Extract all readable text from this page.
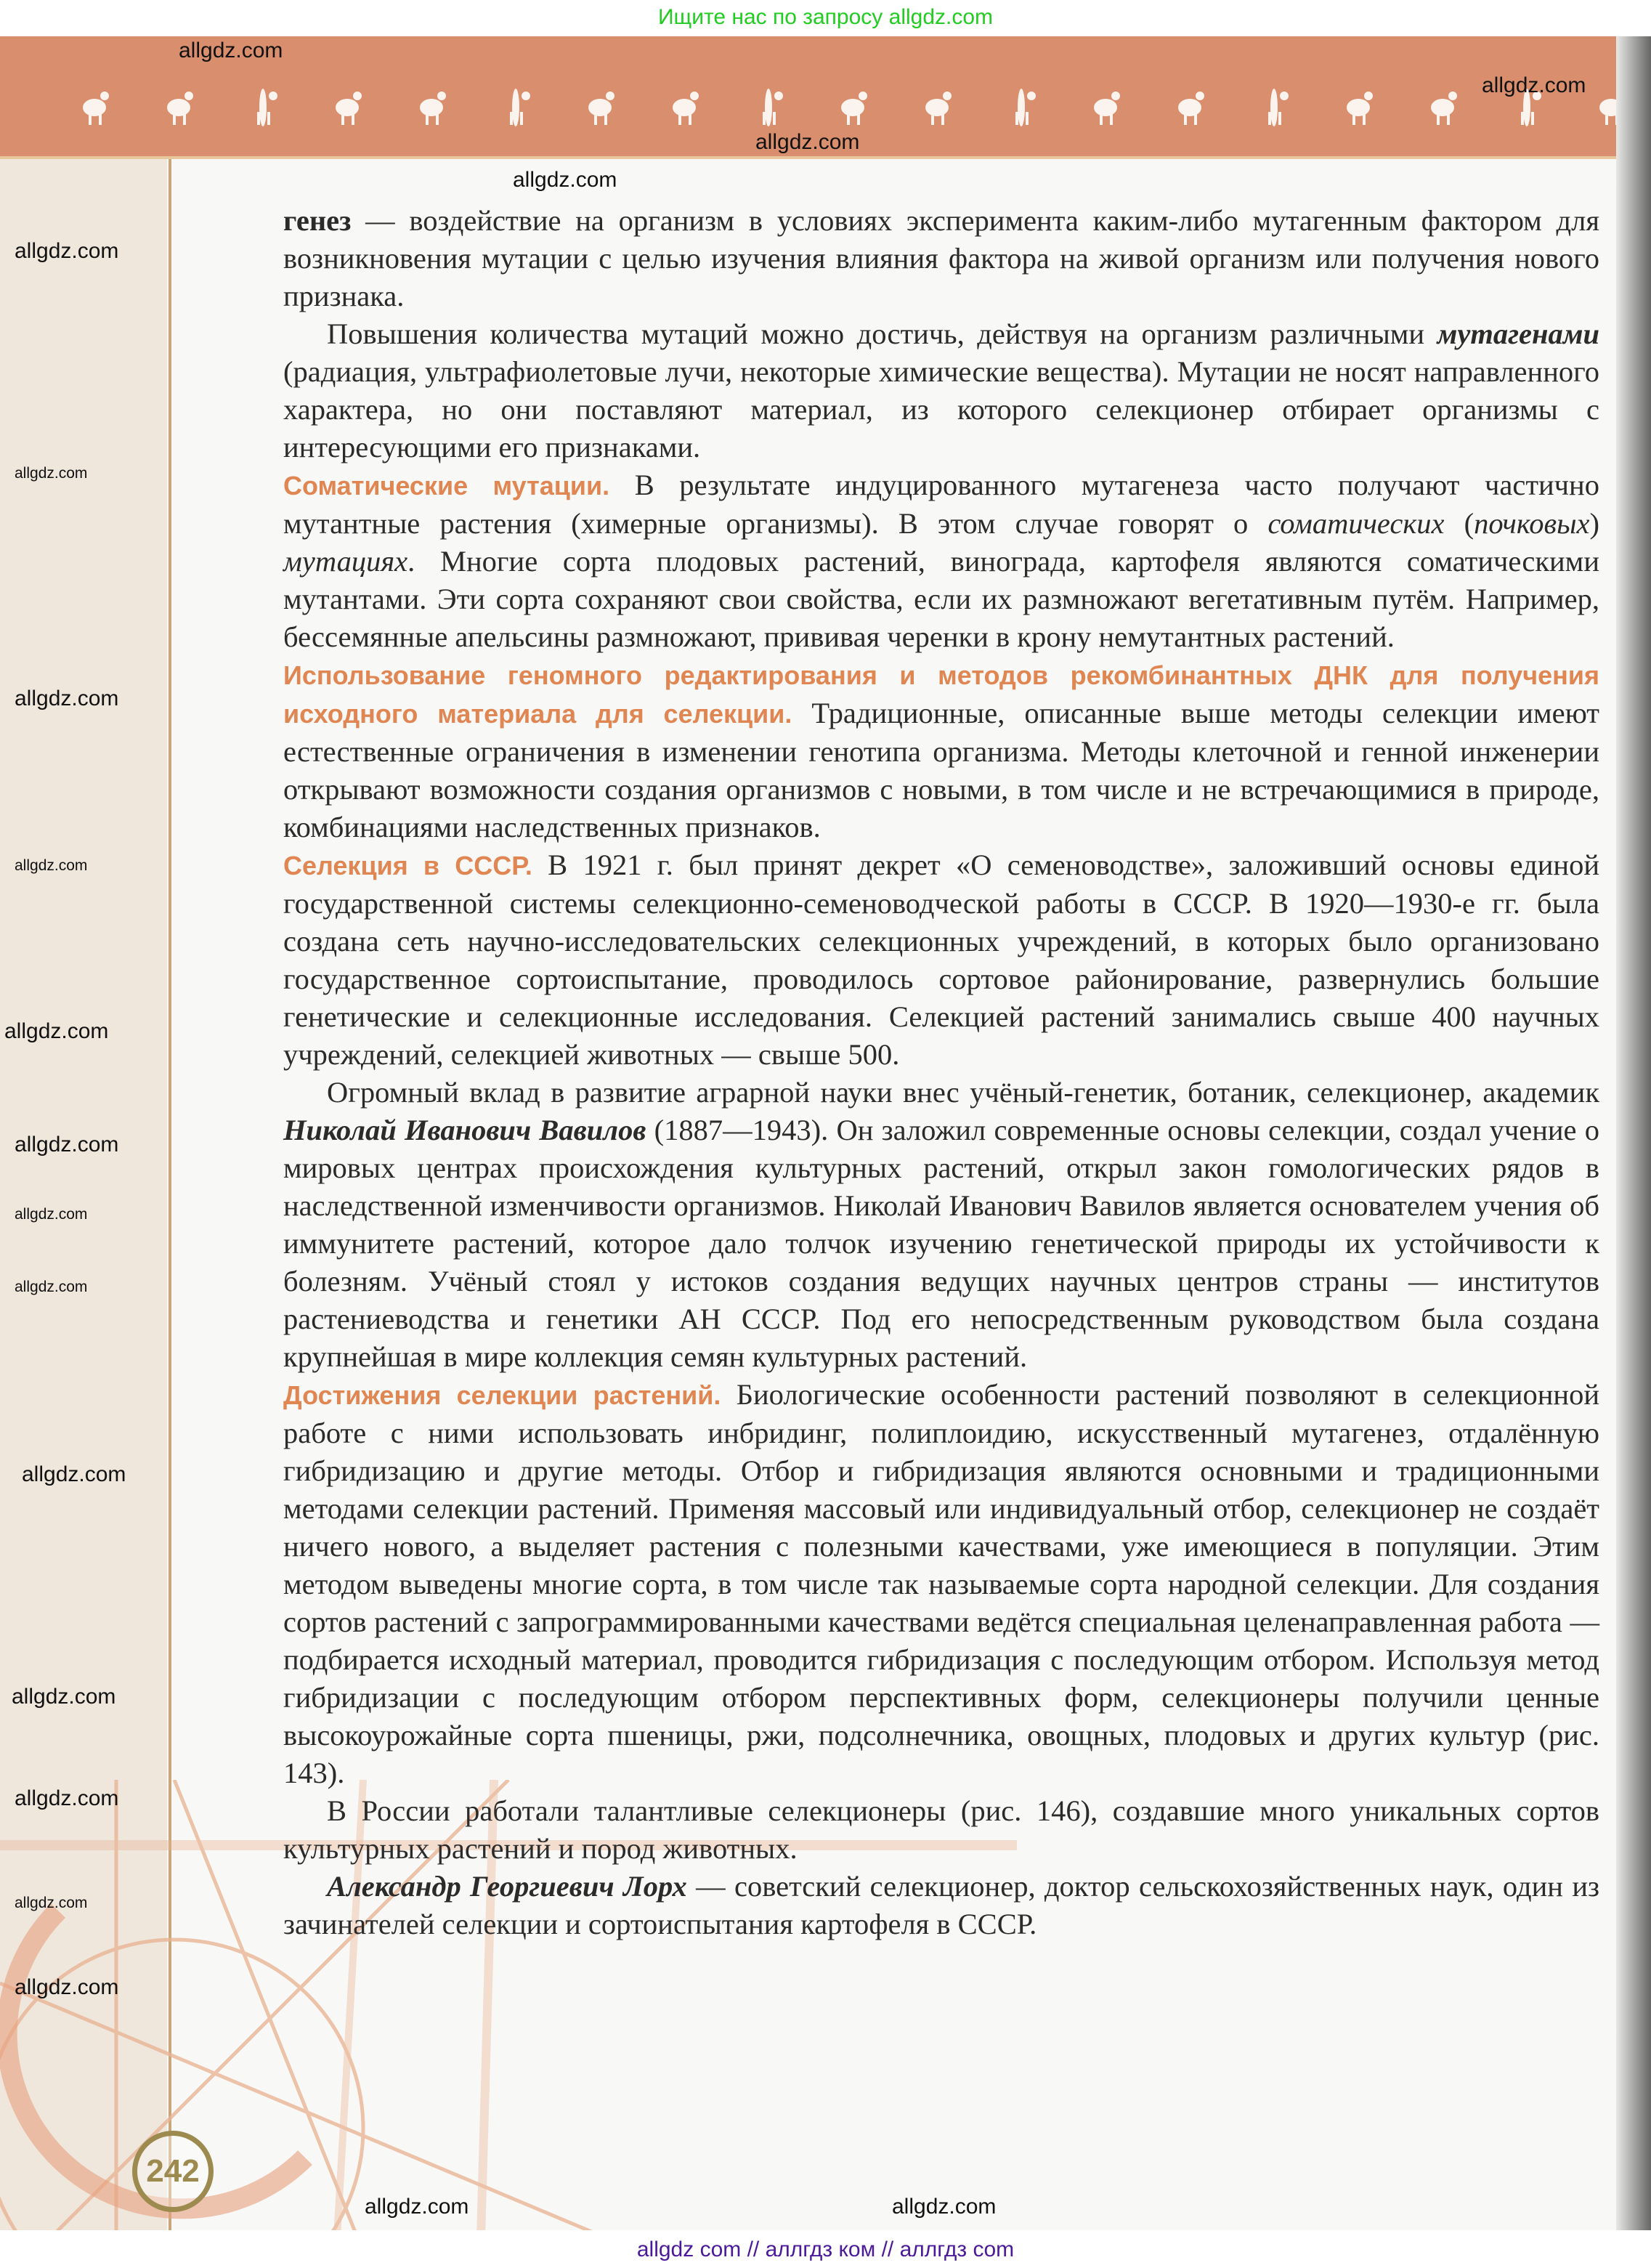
Ищите нас по запросу allgdz.com
242

генез — воздействие на организм в условиях эксперимента каким-либо мутагенным фактором для возникновения мутации с целью изучения влияния фактора на живой организм или получения нового признака.

Повышения количества мутаций можно достичь, действуя на организм различными мутагенами (радиация, ультрафиолетовые лучи, некоторые химические вещества). Мутации не носят направленного характера, но они поставляют материал, из которого селекционер отбирает организмы с интересующими его признаками.

Соматические мутации. В результате индуцированного мутагенеза часто получают частично мутантные растения (химерные организмы). В этом случае говорят о соматических (почковых) мутациях. Многие сорта плодовых растений, винограда, картофеля являются соматическими мутантами. Эти сорта сохраняют свои свойства, если их размножают вегетативным путём. Например, бессемянные апельсины размножают, прививая черенки в крону немутантных растений.

Использование геномного редактирования и методов рекомбинантных ДНК для получения исходного материала для селекции. Традиционные, описанные выше методы селекции имеют естественные ограничения в изменении генотипа организма. Методы клеточной и генной инженерии открывают возможности создания организмов с новыми, в том числе и не встречающимися в природе, комбинациями наследственных признаков.

Селекция в СССР. В 1921 г. был принят декрет «О семеноводстве», заложивший основы единой государственной системы селекционно-семеноводческой работы в СССР. В 1920—1930-е гг. была создана сеть научно-исследовательских селекционных учреждений, в которых было организовано государственное сортоиспытание, проводилось сортовое районирование, развернулись большие генетические и селекционные исследования. Селекцией растений занимались свыше 400 научных учреждений, селекцией животных — свыше 500.

Огромный вклад в развитие аграрной науки внес учёный-генетик, ботаник, селекционер, академик Николай Иванович Вавилов (1887—1943). Он заложил современные основы селекции, создал учение о мировых центрах происхождения культурных растений, открыл закон гомологических рядов в наследственной изменчивости организмов. Николай Иванович Вавилов является основателем учения об иммунитете растений, которое дало толчок изучению генетической природы их устойчивости к болезням. Учёный стоял у истоков создания ведущих научных центров страны — институтов растениеводства и генетики АН СССР. Под его непосредственным руководством была создана крупнейшая в мире коллекция семян культурных растений.

Достижения селекции растений. Биологические особенности растений позволяют в селекционной работе с ними использовать инбридинг, полиплоидию, искусственный мутагенез, отдалённую гибридизацию и другие методы. Отбор и гибридизация являются основными и традиционными методами селекции растений. Применяя массовый или индивидуальный отбор, селекционер не создаёт ничего нового, а выделяет растения с полезными качествами, уже имеющиеся в популяции. Этим методом выведены многие сорта, в том числе так называемые сорта народной селекции. Для создания сортов растений с запрограммированными качествами ведётся специальная целенаправленная работа — подбирается исходный материал, проводится гибридизация с последующим отбором. Используя метод гибридизации с последующим отбором перспективных форм, селекционеры получили ценные высокоурожайные сорта пшеницы, ржи, подсолнечника, овощных, плодовых и других культур (рис. 143).

В России работали талантливые селекционеры (рис. 146), создавшие много уникальных сортов культурных растений и пород животных.

Александр Георгиевич Лорх — советский селекционер, доктор сельскохозяйственных наук, один из зачинателей селекции и сортоиспытания картофеля в СССР.

allgdz.com
allgdz.com
allgdz.com
allgdz.com
allgdz.com
allgdz.com
allgdz.com
allgdz.com
allgdz.com
allgdz.com
allgdz.com
allgdz.com
allgdz.com
allgdz.com
allgdz.com
allgdz.com
allgdz.com
allgdz.com	allgdz.com
allgdz com // аллгдз ком // аллгдз com
